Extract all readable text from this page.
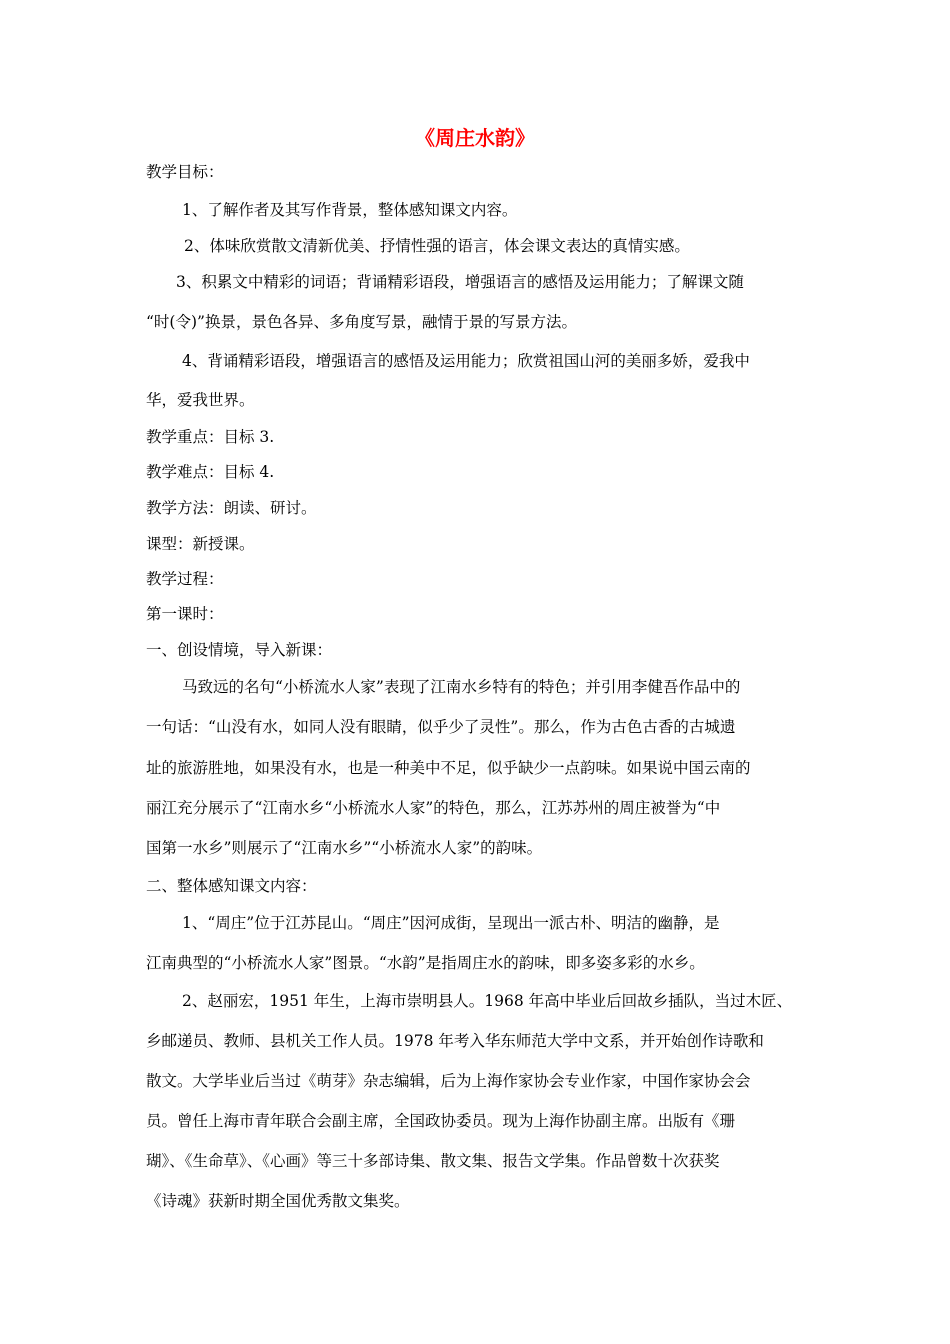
《周庄水韵》
教学目标：
1、了解作者及其写作背景，整体感知课文内容。
2、体味欣赏散文清新优美、抒情性强的语言，体会课文表达的真情实感。
3、积累文中精彩的词语；背诵精彩语段，增强语言的感悟及运用能力；了解课文随
“时(令)”换景，景色各异、多角度写景，融情于景的写景方法。
4、背诵精彩语段，增强语言的感悟及运用能力；欣赏祖国山河的美丽多娇，爱我中
华，爱我世界。
教学重点：目标 3.
教学难点：目标 4.
教学方法：朗读、研讨。
课型：新授课。
教学过程：
第一课时：
一、创设情境，导入新课：
马致远的名句“小桥流水人家”表现了江南水乡特有的特色；并引用李健吾作品中的
一句话：“山没有水，如同人没有眼睛，似乎少了灵性”。那么，作为古色古香的古城遗
址的旅游胜地，如果没有水，也是一种美中不足，似乎缺少一点韵味。如果说中国云南的
丽江充分展示了“江南水乡“小桥流水人家”的特色，那么，江苏苏州的周庄被誉为“中
国第一水乡”则展示了“江南水乡”“小桥流水人家”的韵味。
二、整体感知课文内容：
1、“周庄”位于江苏昆山。“周庄”因河成街，呈现出一派古朴、明洁的幽静，是
江南典型的“小桥流水人家”图景。“水韵”是指周庄水的韵味，即多姿多彩的水乡。
2、赵丽宏，1951 年生，上海市崇明县人。1968 年高中毕业后回故乡插队，当过木匠、
乡邮递员、教师、县机关工作人员。1978 年考入华东师范大学中文系，并开始创作诗歌和
散文。大学毕业后当过《萌芽》杂志编辑，后为上海作家协会专业作家，中国作家协会会
员。曾任上海市青年联合会副主席，全国政协委员。现为上海作协副主席。出版有《珊
瑚》、《生命草》、《心画》等三十多部诗集、散文集、报告文学集。作品曾数十次获奖
《诗魂》获新时期全国优秀散文集奖。
